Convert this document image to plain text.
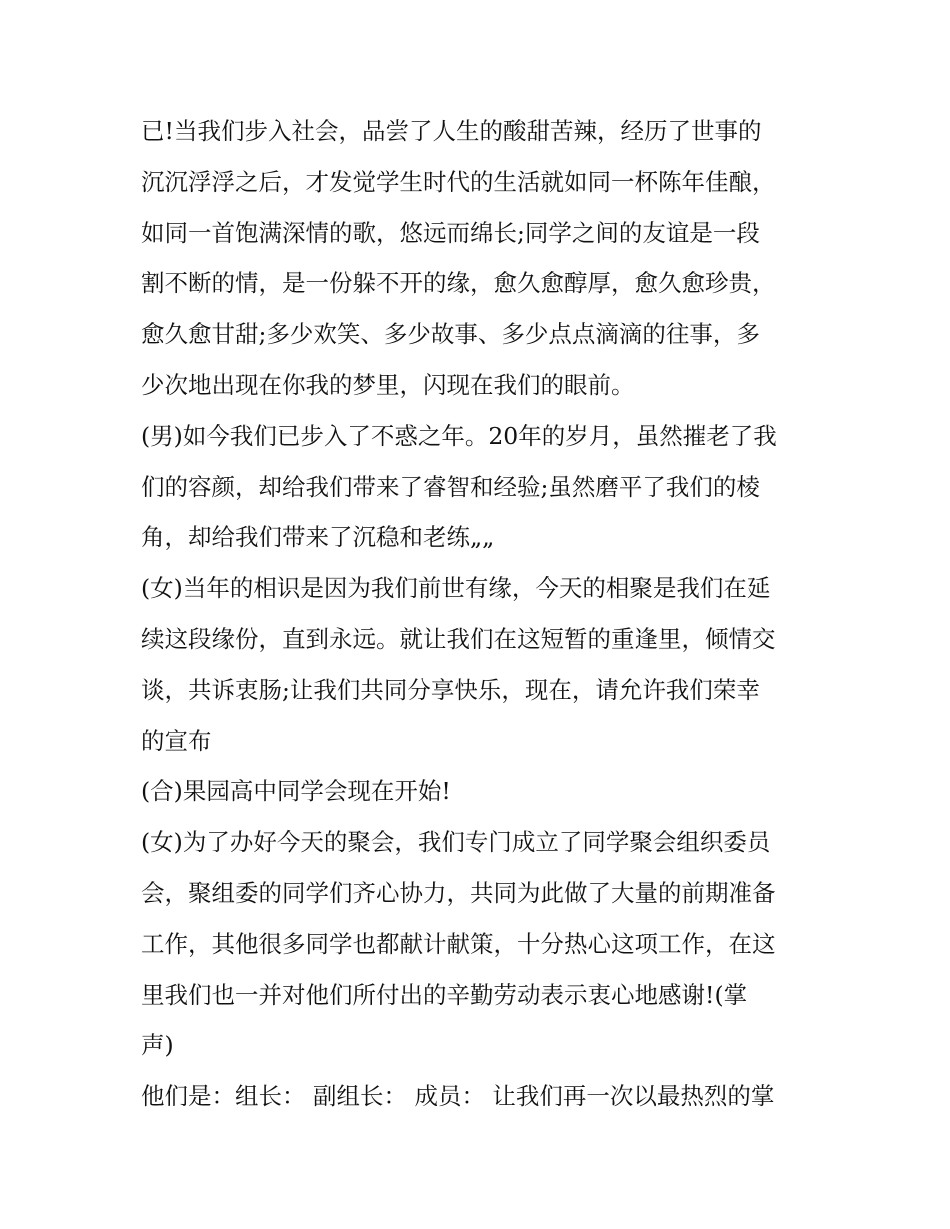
已!当我们步入社会，品尝了人生的酸甜苦辣，经历了世事的
沉沉浮浮之后，才发觉学生时代的生活就如同一杯陈年佳酿，
如同一首饱满深情的歌，悠远而绵长;同学之间的友谊是一段
割不断的情，是一份躲不开的缘，愈久愈醇厚，愈久愈珍贵，
愈久愈甘甜;多少欢笑、多少故事、多少点点滴滴的往事，多
少次地出现在你我的梦里，闪现在我们的眼前。
(男)如今我们已步入了不惑之年。20年的岁月，虽然摧老了我
们的容颜，却给我们带来了睿智和经验;虽然磨平了我们的棱
角，却给我们带来了沉稳和老练„„
(女)当年的相识是因为我们前世有缘，今天的相聚是我们在延
续这段缘份，直到永远。就让我们在这短暂的重逢里，倾情交
谈，共诉衷肠;让我们共同分享快乐，现在，请允许我们荣幸
的宣布
(合)果园高中同学会现在开始!
(女)为了办好今天的聚会，我们专门成立了同学聚会组织委员
会，聚组委的同学们齐心协力，共同为此做了大量的前期准备
工作，其他很多同学也都献计献策，十分热心这项工作，在这
里我们也一并对他们所付出的辛勤劳动表示衷心地感谢!(掌
声)
他们是：组长： 副组长： 成员： 让我们再一次以最热烈的掌
